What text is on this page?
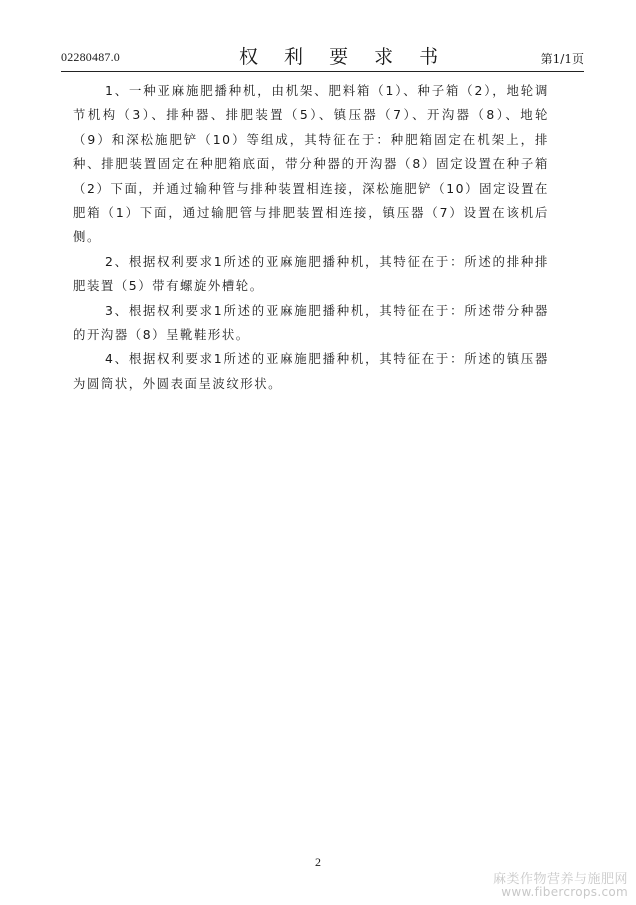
02280487.0	权 利 要 求 书	第1/1页

1、一种亚麻施肥播种机，由机架、肥料箱（1）、种子箱（2），地轮调节机构（3）、排种器、排肥装置（5）、镇压器（7）、开沟器（8）、地轮（9）和深松施肥铲（10）等组成，其特征在于：种肥箱固定在机架上，排种、排肥装置固定在种肥箱底面，带分种器的开沟器（8）固定设置在种子箱（2）下面，并通过输种管与排种装置相连接，深松施肥铲（10）固定设置在肥箱（1）下面，通过输肥管与排肥装置相连接，镇压器（7）设置在该机后侧。

2、根据权利要求1所述的亚麻施肥播种机，其特征在于：所述的排种排肥装置（5）带有螺旋外槽轮。

3、根据权利要求1所述的亚麻施肥播种机，其特征在于：所述带分种器的开沟器（8）呈靴鞋形状。

4、根据权利要求1所述的亚麻施肥播种机，其特征在于：所述的镇压器为圆筒状，外圆表面呈波纹形状。

2
麻类作物营养与施肥网
www.fibercrops.com
